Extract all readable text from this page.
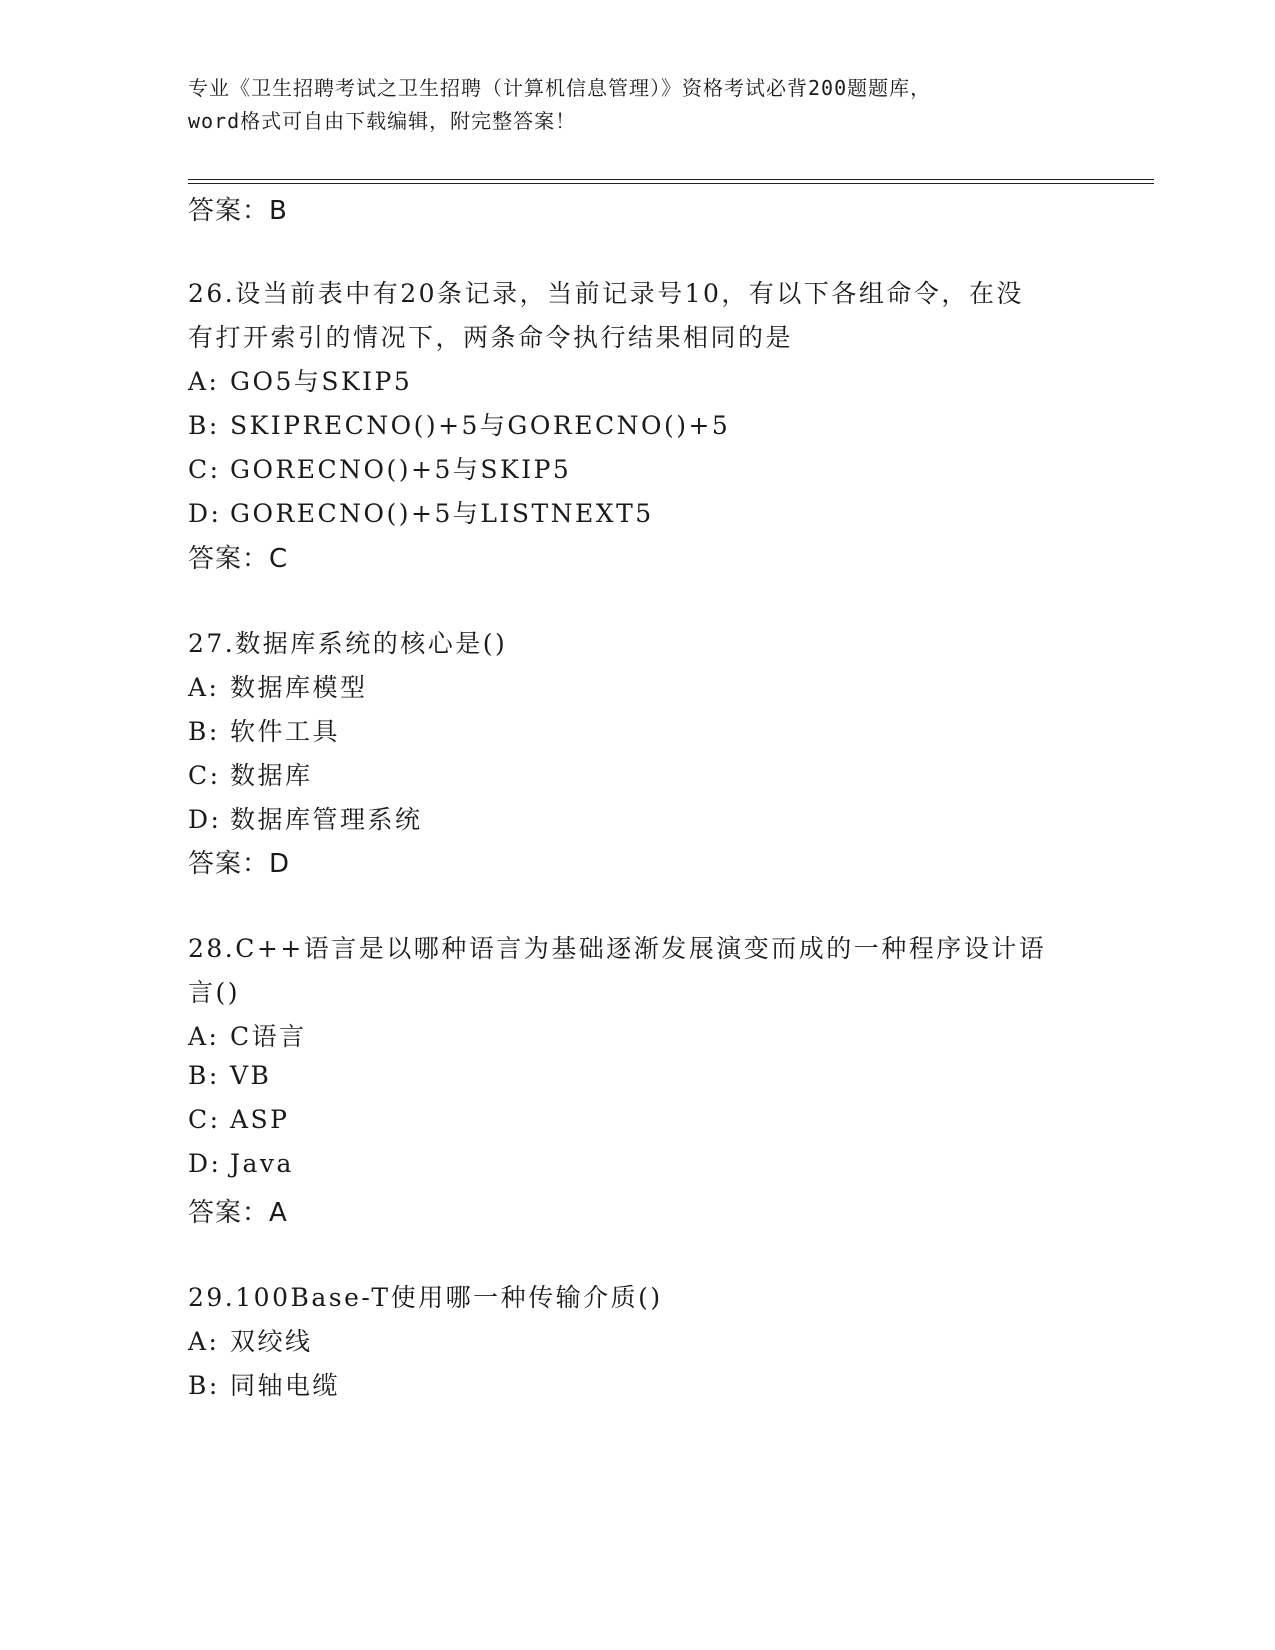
专业《卫生招聘考试之卫生招聘（计算机信息管理）》资格考试必背200题题库，
word格式可自由下载编辑，附完整答案！
答案：B
26.设当前表中有20条记录，当前记录号10，有以下各组命令，在没
有打开索引的情况下，两条命令执行结果相同的是
A: GO5与SKIP5
B: SKIPRECNO()+5与GORECNO()+5
C: GORECNO()+5与SKIP5
D: GORECNO()+5与LISTNEXT5
答案：C
27.数据库系统的核心是()
A: 数据库模型
B: 软件工具
C: 数据库
D: 数据库管理系统
答案：D
28.C++语言是以哪种语言为基础逐渐发展演变而成的一种程序设计语
言()
A: C语言
B: VB
C: ASP
D: Java
答案：A
29.100Base-T使用哪一种传输介质()
A: 双绞线
B: 同轴电缆
